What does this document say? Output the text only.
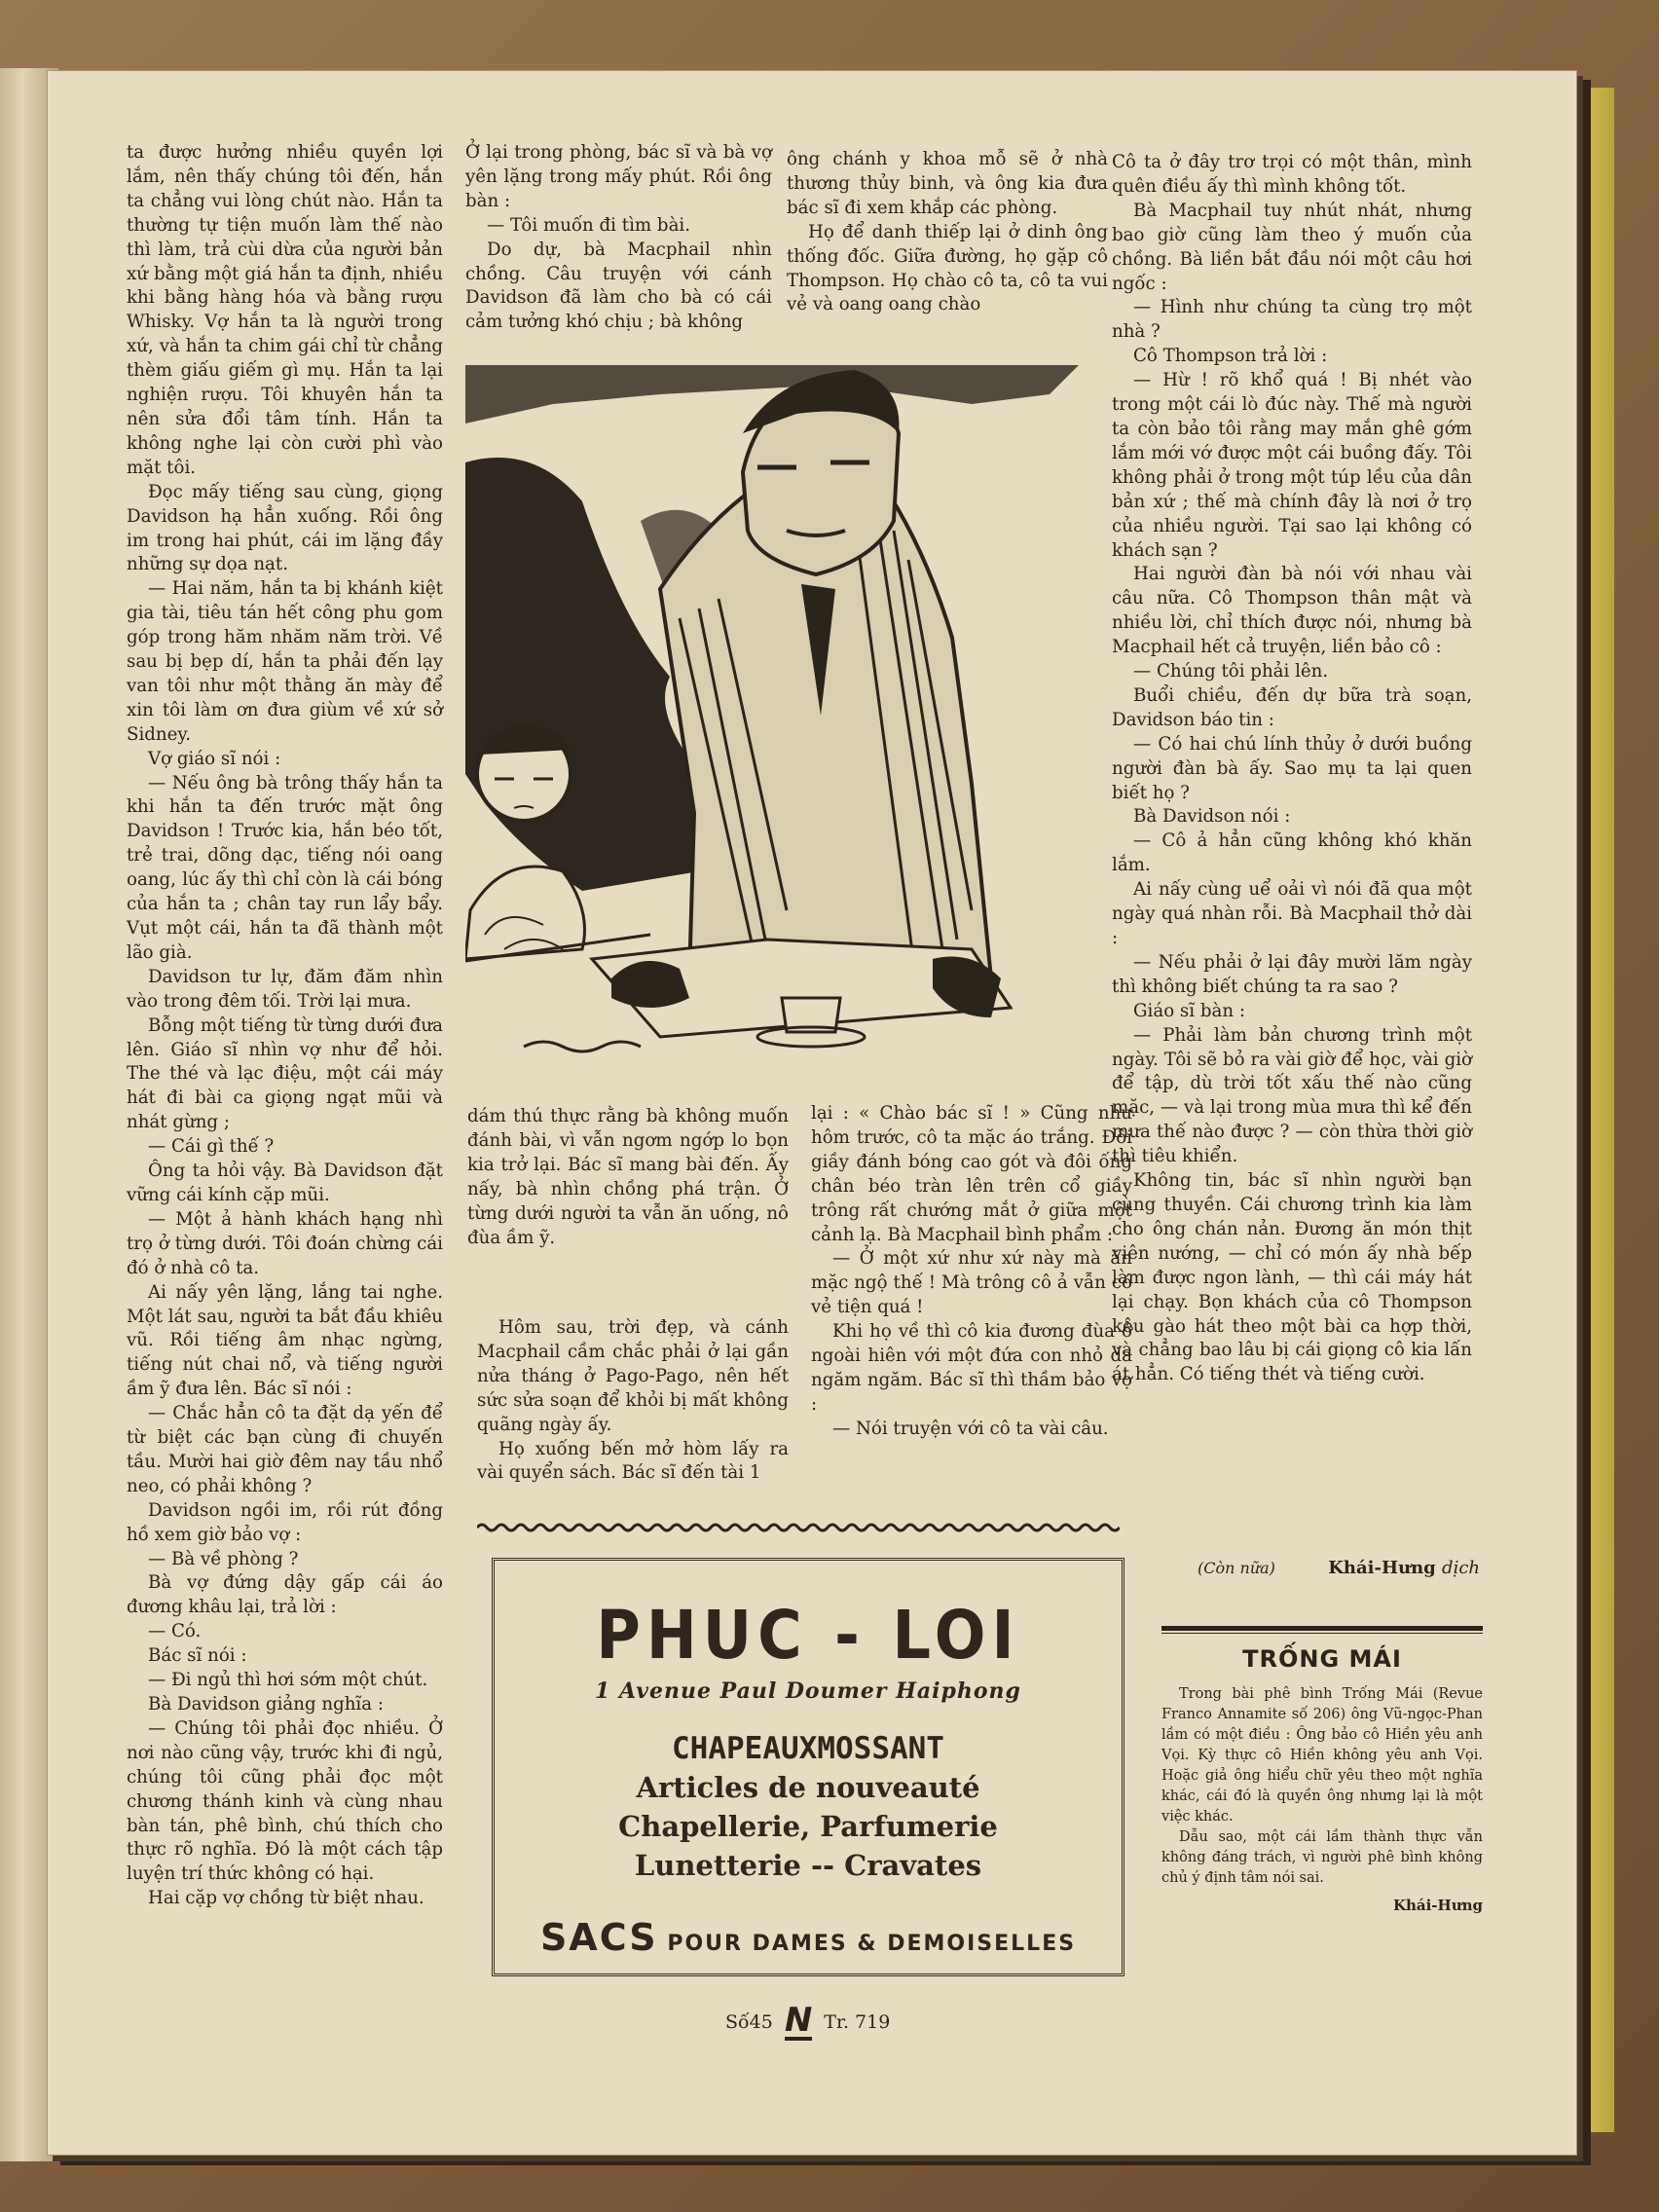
ta được hưởng nhiều quyền lợi lắm, nên thấy chúng tôi đến, hắn ta chẳng vui lòng chút nào. Hắn ta thường tự tiện muốn làm thế nào thì làm, trả cùi dừa của người bản xứ bằng một giá hắn ta định, nhiều khi bằng hàng hóa và bằng rượu Whisky. Vợ hắn ta là người trong xứ, và hắn ta chim gái chỉ từ chẳng thèm giấu giếm gì mụ. Hắn ta lại nghiện rượu. Tôi khuyên hắn ta nên sửa đổi tâm tính. Hắn ta không nghe lại còn cười phì vào mặt tôi.

Đọc mấy tiếng sau cùng, giọng Davidson hạ hẳn xuống. Rồi ông im trong hai phút, cái im lặng đầy những sự dọa nạt.

— Hai năm, hắn ta bị khánh kiệt gia tài, tiêu tán hết công phu gom góp trong hăm nhăm năm trời. Về sau bị bẹp dí, hắn ta phải đến lạy van tôi như một thằng ăn mày để xin tôi làm ơn đưa giùm về xứ sở Sidney.

Vợ giáo sĩ nói :

— Nếu ông bà trông thấy hắn ta khi hắn ta đến trước mặt ông Davidson ! Trước kia, hắn béo tốt, trẻ trai, dõng dạc, tiếng nói oang oang, lúc ấy thì chỉ còn là cái bóng của hắn ta ; chân tay run lẩy bẩy. Vụt một cái, hắn ta đã thành một lão già.

Davidson tư lự, đăm đăm nhìn vào trong đêm tối. Trời lại mưa.

Bỗng một tiếng từ từng dưới đưa lên. Giáo sĩ nhìn vợ như để hỏi. The thé và lạc điệu, một cái máy hát đi bài ca giọng ngạt mũi và nhát gừng ;

— Cái gì thế ?

Ông ta hỏi vậy. Bà Davidson đặt vững cái kính cặp mũi.

— Một ả hành khách hạng nhì trọ ở từng dưới. Tôi đoán chừng cái đó ở nhà cô ta.

Ai nấy yên lặng, lắng tai nghe. Một lát sau, người ta bắt đầu khiêu vũ. Rồi tiếng âm nhạc ngừng, tiếng nút chai nổ, và tiếng người ầm ỹ đưa lên. Bác sĩ nói :

— Chắc hẳn cô ta đặt dạ yến để từ biệt các bạn cùng đi chuyến tầu. Mười hai giờ đêm nay tầu nhổ neo, có phải không ?

Davidson ngồi im, rồi rút đồng hồ xem giờ bảo vợ :

— Bà về phòng ?

Bà vợ đứng dậy gấp cái áo đương khâu lại, trả lời :

— Có.

Bác sĩ nói :

— Đi ngủ thì hơi sớm một chút.

Bà Davidson giảng nghĩa :

— Chúng tôi phải đọc nhiều. Ở nơi nào cũng vậy, trước khi đi ngủ, chúng tôi cũng phải đọc một chương thánh kinh và cùng nhau bàn tán, phê bình, chú thích cho thực rõ nghĩa. Đó là một cách tập luyện trí thức không có hại.

Hai cặp vợ chồng từ biệt nhau.

Ở lại trong phòng, bác sĩ và bà vợ yên lặng trong mấy phút. Rồi ông bàn :

— Tôi muốn đi tìm bài.

Do dự, bà Macphail nhìn chồng. Câu truyện với cánh Davidson đã làm cho bà có cái cảm tưởng khó chịu ; bà không

ông chánh y khoa mỗ sẽ ở nhà thương thủy binh, và ông kia đưa bác sĩ đi xem khắp các phòng.

Họ để danh thiếp lại ở dinh ông thống đốc. Giữa đường, họ gặp cô Thompson. Họ chào cô ta, cô ta vui vẻ và oang oang chào

Cô ta ở đây trơ trọi có một thân, mình quên điều ấy thì mình không tốt.

Bà Macphail tuy nhút nhát, nhưng bao giờ cũng làm theo ý muốn của chồng. Bà liền bắt đầu nói một câu hơi ngốc :

— Hình như chúng ta cùng trọ một nhà ?

Cô Thompson trả lời :

— Hừ ! rõ khổ quá ! Bị nhét vào trong một cái lò đúc này. Thế mà người ta còn bảo tôi rằng may mắn ghê gớm lắm mới vớ được một cái buồng đấy. Tôi không phải ở trong một túp lều của dân bản xứ ; thế mà chính đây là nơi ở trọ của nhiều người. Tại sao lại không có khách sạn ?

Hai người đàn bà nói với nhau vài câu nữa. Cô Thompson thân mật và nhiều lời, chỉ thích được nói, nhưng bà Macphail hết cả truyện, liền bảo cô :

— Chúng tôi phải lên.

Buổi chiều, đến dự bữa trà soạn, Davidson báo tin :

— Có hai chú lính thủy ở dưới buồng người đàn bà ấy. Sao mụ ta lại quen biết họ ?

Bà Davidson nói :

— Cô ả hẳn cũng không khó khăn lắm.

Ai nấy cùng uể oải vì nói đã qua một ngày quá nhàn rỗi. Bà Macphail thở dài :

— Nếu phải ở lại đây mười lăm ngày thì không biết chúng ta ra sao ?

Giáo sĩ bàn :

— Phải làm bản chương trình một ngày. Tôi sẽ bỏ ra vài giờ để học, vài giờ để tập, dù trời tốt xấu thế nào cũng mặc, — và lại trong mùa mưa thì kể đến mưa thế nào được ? — còn thừa thời giờ thì tiêu khiển.

Không tin, bác sĩ nhìn người bạn cùng thuyền. Cái chương trình kia làm cho ông chán nản. Đương ăn món thịt viên nướng, — chỉ có món ấy nhà bếp làm được ngon lành, — thì cái máy hát lại chạy. Bọn khách của cô Thompson kêu gào hát theo một bài ca hợp thời, và chẳng bao lâu bị cái giọng cô kia lấn át hẳn. Có tiếng thét và tiếng cười.

dám thú thực rằng bà không muốn đánh bài, vì vẫn ngơm ngớp lo bọn kia trở lại. Bác sĩ mang bài đến. Ấy nấy, bà nhìn chồng phá trận. Ở từng dưới người ta vẫn ăn uống, nô đùa ầm ỹ.

Hôm sau, trời đẹp, và cánh Macphail cầm chắc phải ở lại gần nửa tháng ở Pago-Pago, nên hết sức sửa soạn để khỏi bị mất không quãng ngày ấy.

Họ xuống bến mở hòm lấy ra vài quyển sách. Bác sĩ đến tài 1

lại : « Chào bác sĩ ! » Cũng như hôm trước, cô ta mặc áo trắng. Đôi giầy đánh bóng cao gót và đôi ống chân béo tràn lên trên cổ giầy trông rất chướng mắt ở giữa một cảnh lạ. Bà Macphail bình phẩm :

— Ở một xứ như xứ này mà ăn mặc ngộ thế ! Mà trông cô ả vẫn có vẻ tiện quá !

Khi họ về thì cô kia đương đùa ở ngoài hiên với một đứa con nhỏ da ngăm ngăm. Bác sĩ thì thầm bảo vợ :

— Nói truyện với cô ta vài câu.

(Còn nữa)	Khái-Hưng dịch
PHUC - LOI
1 Avenue Paul Doumer Haiphong
CHAPEAUXMOSSANT
Articles de nouveauté
Chapellerie, Parfumerie
Lunetterie -- Cravates
SACS POUR DAMES & DEMOISELLES
TRỐNG MÁI

Trong bài phê bình Trống Mái (Revue Franco Annamite số 206) ông Vũ-ngọc-Phan lầm có một điều : Ông bảo cô Hiền yêu anh Vọi. Kỳ thực cô Hiền không yêu anh Vọi. Hoặc giả ông hiểu chữ yêu theo một nghĩa khác, cái đó là quyền ông nhưng lại là một việc khác.

Dẫu sao, một cái lầm thành thực vẫn không đáng trách, vì người phê bình không chủ ý định tâm nói sai.

Khái-Hưng
Số45 N Tr. 719
